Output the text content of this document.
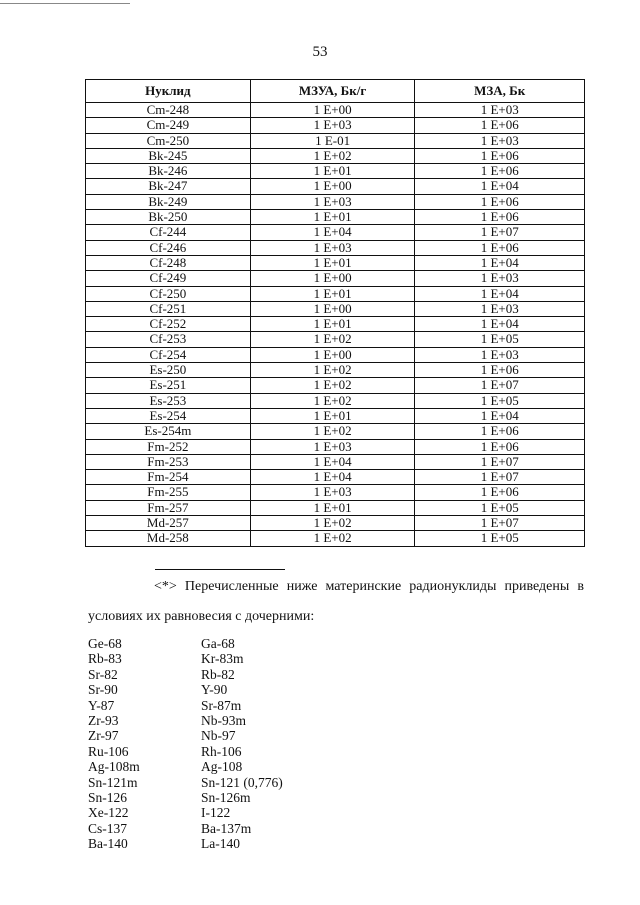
53
Нуклид	МЗУА, Бк/г	МЗА, Бк
Cm-248	1 E+00	1 E+03
Cm-249	1 E+03	1 E+06
Cm-250	1 E-01	1 E+03
Bk-245	1 E+02	1 E+06
Bk-246	1 E+01	1 E+06
Bk-247	1 E+00	1 E+04
Bk-249	1 E+03	1 E+06
Bk-250	1 E+01	1 E+06
Cf-244	1 E+04	1 E+07
Cf-246	1 E+03	1 E+06
Cf-248	1 E+01	1 E+04
Cf-249	1 E+00	1 E+03
Cf-250	1 E+01	1 E+04
Cf-251	1 E+00	1 E+03
Cf-252	1 E+01	1 E+04
Cf-253	1 E+02	1 E+05
Cf-254	1 E+00	1 E+03
Es-250	1 E+02	1 E+06
Es-251	1 E+02	1 E+07
Es-253	1 E+02	1 E+05
Es-254	1 E+01	1 E+04
Es-254m	1 E+02	1 E+06
Fm-252	1 E+03	1 E+06
Fm-253	1 E+04	1 E+07
Fm-254	1 E+04	1 E+07
Fm-255	1 E+03	1 E+06
Fm-257	1 E+01	1 E+05
Md-257	1 E+02	1 E+07
Md-258	1 E+02	1 E+05
<*> Перечисленные ниже материнские радионуклиды приведены в условиях их равновесия с дочерними:
Ge-68	Ga-68
Rb-83	Kr-83m
Sr-82	Rb-82
Sr-90	Y-90
Y-87	Sr-87m
Zr-93	Nb-93m
Zr-97	Nb-97
Ru-106	Rh-106
Ag-108m	Ag-108
Sn-121m	Sn-121 (0,776)
Sn-126	Sn-126m
Xe-122	I-122
Cs-137	Ba-137m
Ba-140	La-140
